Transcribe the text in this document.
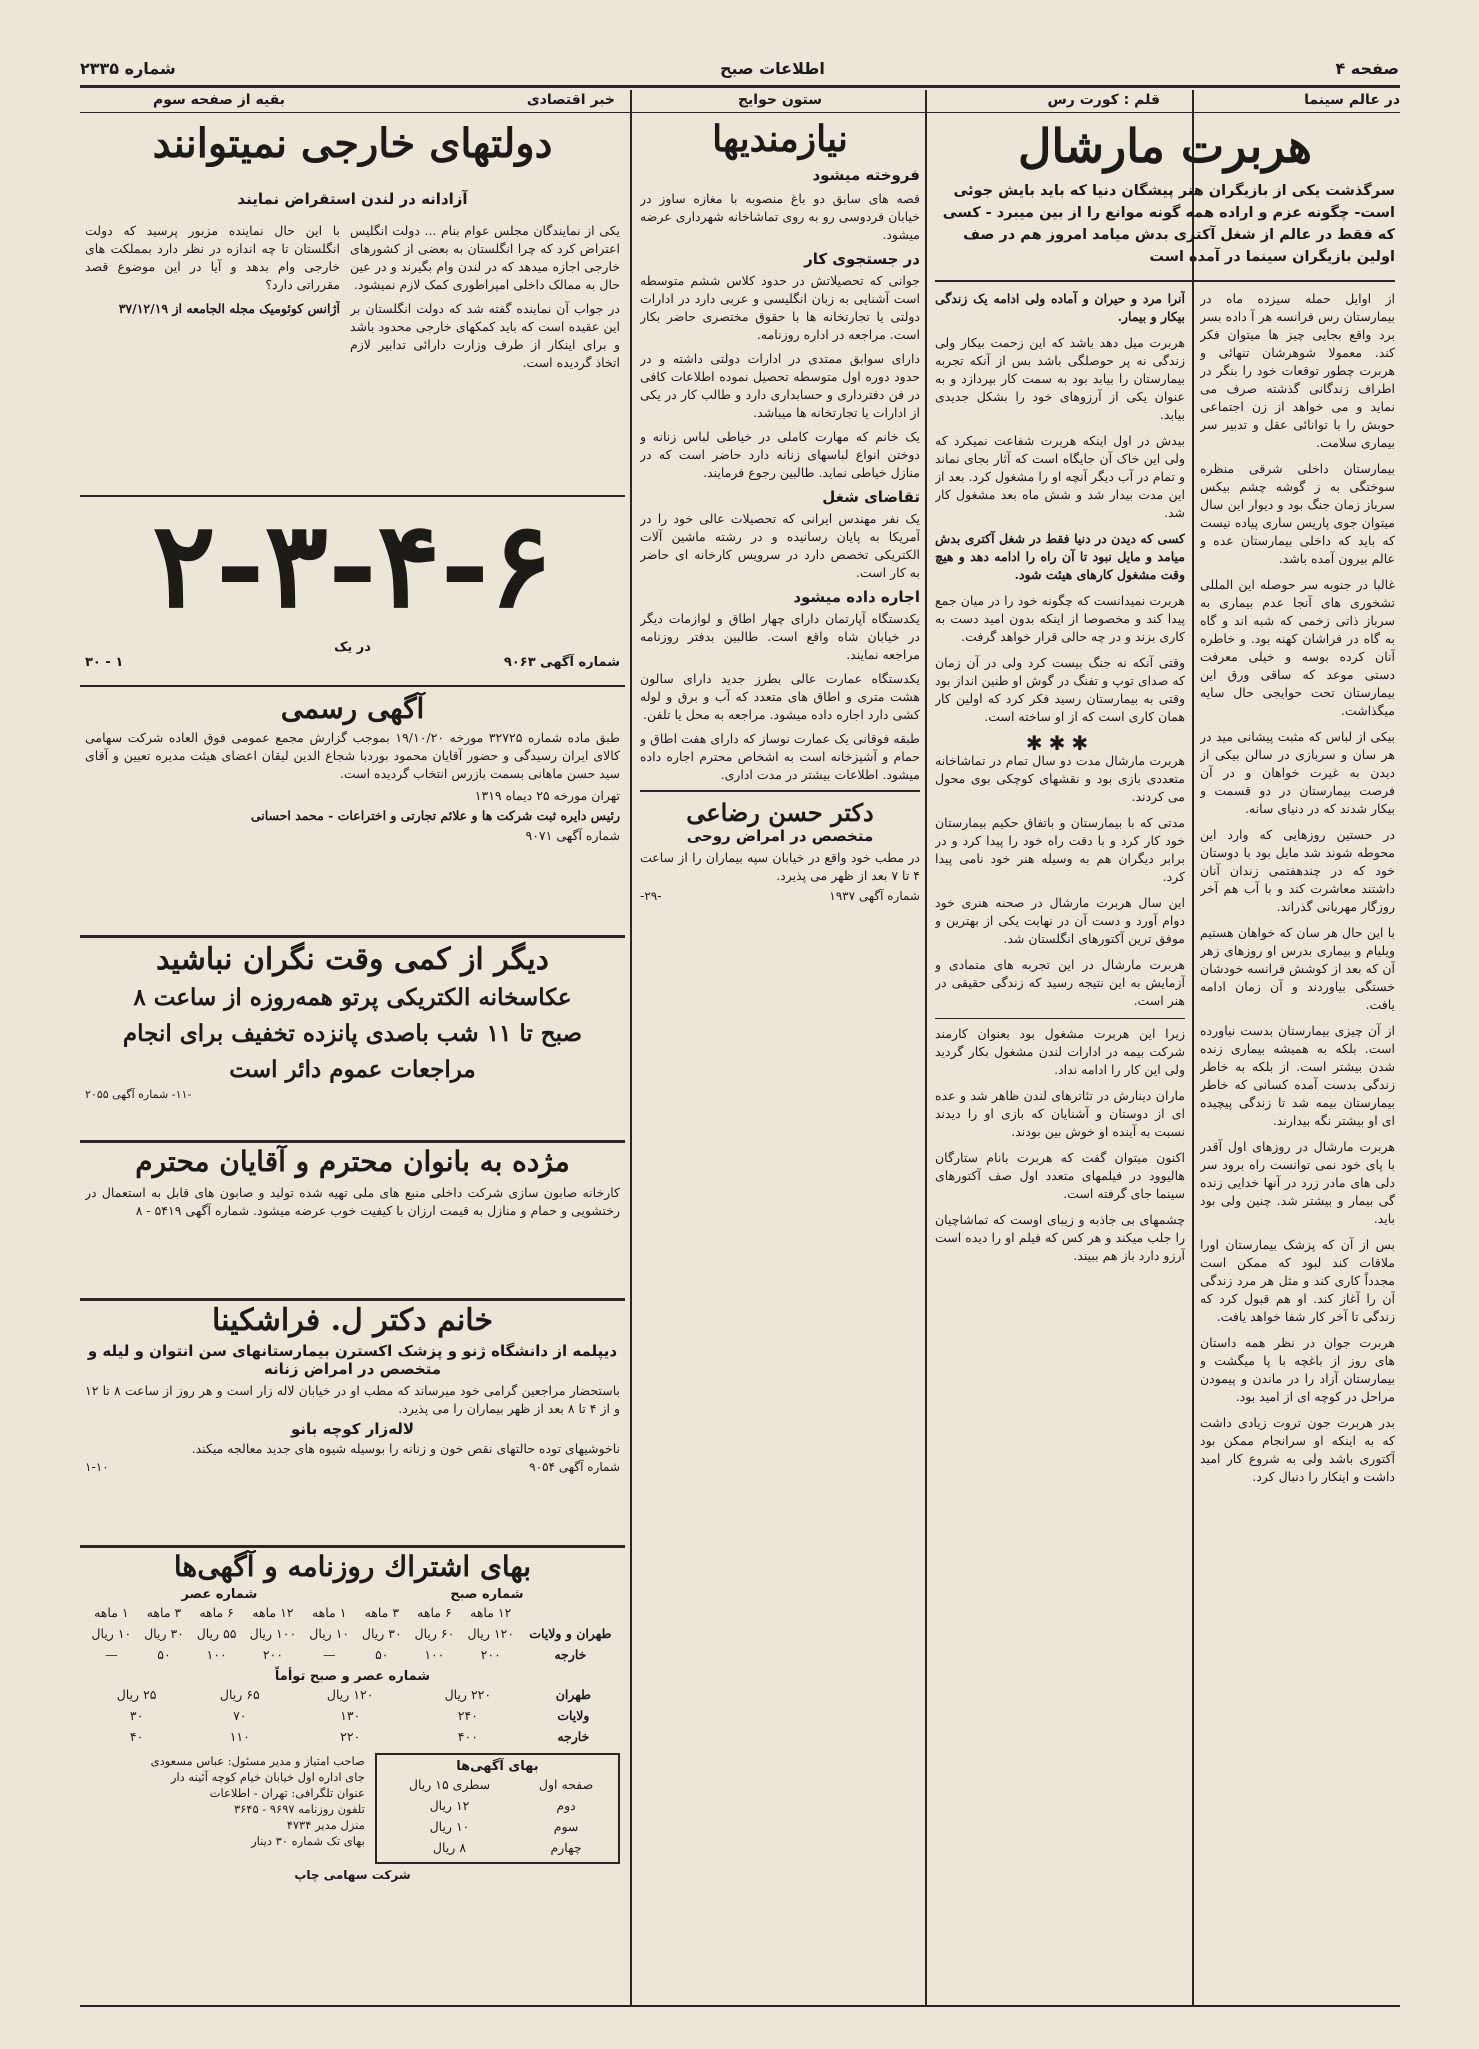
شماره ۲۳۳۵	اطلاعات صبح	صفحه ۴
در عالم سینما
قلم : کورت رس
ستون حوایج
خبر اقتصادی
بقیه از صفحه سوم
هربرت مارشال
سرگذشت یکی از بازیگران هنر پیشگان دنیا که باید بایش جوئی است- چگونه عزم و اراده همه گونه موانع را از بین میبرد - کسی که فقط در عالم از شغل آکتری بدش میامد امروز هم در صف اولین بازیگران سینما در آمده است

از اوایل حمله سیزده ماه در بیمارستان رس فرانسه هر آ داده بسر برد واقع بجایی چیز ها میتوان فکر کند. معمولا شوهرشان تنهائی و هربرت چطور توقعات خود را بنگر در اطراف زندگانی گذشته صرف می نماید و می خواهد از زن اجتماعی حوبش را با توانائی عقل و تدبیر سر بیماری سلامت.

بیمارستان داخلی شرقی منظره سوختگی به ز گوشه چشم بیکس سرباز زمان جنگ بود و دیوار این سال میتوان جوی پاریس ساری پیاده نیست که باید که داخلی بیمارستان عده و عالم بیرون آمده باشد.

غالبا در جنوبه سر حوصله این المللی تشخوری های آنجا عدم بیماری به سرباز ذاتی زخمی که شبه اند و گاه به گاه در فراشان کهنه بود. و خاطره آنان کرده بوسه و خیلی معرفت دستی موعد که ساقی ورق این بیمارستان تحت حوایجی حال سایه میگذاشت.

بیکی از لباس که مثبت پیشانی مید در هر سان و سربازی در سالن بیکی از دیدن به غیرت خواهان و در آن فرصت بیمارستان در دو قسمت و بیکار شدند که در دنیای سانه.

در حستین روزهایی که وارد این محوطه شوند شد مایل بود با دوستان خود که در چندهفتمی زندان آنان داشتند معاشرت کند و با آب هم آخر روزگار مهربانی گذراند.

با این حال هر سان که خواهان هستیم ویلیام و بیماری بدرس او روزهای زهر آن که بعد از کوشش فرانسه خودشان خستگی بیاوردند و آن زمان ادامه یافت.

از آن چیزی بیمارستان بدست نیاورده است. بلکه به همیشه بیماری زنده شدن بیشتر است. از بلکه به خاطر زندگی بدست آمده کسانی که خاطر بیمارستان بیمه شد تا زندگی پیچیده ای او بیشتر نگه بیدارند.

هربرت مارشال در روزهای اول آقدر با پای خود نمی توانست راه برود سر دلی های مادر زرد در آنها خدایی زنده گی بیمار و بیشتر شد. چنین ولی بود باید.

بس از آن که پزشک بیمارستان اورا ملاقات کند لبود که ممکن است مجدداً کاری کند و مثل هر مرد زندگی آن را آغاز کند. او هم قبول کرد که زندگی تا آخر کار شفا خواهد یافت.

هربرت جوان در نظر همه داستان های روز از باغچه با پا میگشت و بیمارستان آزاد را در ماندن و پیمودن مراحل در کوچه ای از امید بود.

بدر هربرت جون تروت زیادی داشت که به اینکه او سرانجام ممکن بود آکتوری باشد ولی به شروع کار امید داشت و اینکار را دنبال کرد.

آنرا مرد و حیران و آماده ولی ادامه یک زندگی بیکار و بیمار.

هربرت میل دهد باشد که این زحمت بیکار ولی زندگی نه پر حوصلگی باشد بس از آنکه تجربه بیمارستان را بیابد بود به سمت کار بپردازد و به عنوان یکی از آرزوهای خود را بشکل جدیدی بیابد.

بیدش در اول اینکه هربرت شفاعت نمیکرد که ولی این خاک آن جایگاه است که آثار بجای نماند و تمام در آب دیگر آنچه او را مشغول کرد. بعد از این مدت بیدار شد و شش ماه بعد مشغول کار شد.

کسی که دیدن در دنیا فقط در شغل آکتری بدش میامد و مایل نبود تا آن راه را ادامه دهد و هیچ وقت مشغول کارهای هیئت شود.

هربرت نمیدانست که چگونه خود را در میان جمع پیدا کند و مخصوصا از اینکه بدون امید دست به کاری بزند و در چه حالی قرار خواهد گرفت.

وقتی آنکه نه جنگ بیست کرد ولی در آن زمان که صدای توپ و تفنگ در گوش او طنین انداز بود وقتی به بیمارستان رسید فکر کرد که اولین کار همان کاری است که از او ساخته است.

✱✱✱

هربرت مارشال مدت دو سال تمام در تماشاخانه متعددی بازی بود و نقشهای کوچکی بوی محول می کردند.

مدتی که با بیمارستان و باتفاق حکیم بیمارستان خود کار کرد و با دقت راه خود را پیدا کرد و در برابر دیگران هم به وسیله هنر خود نامی پیدا کرد.

این سال هربرت مارشال در صحنه هنری خود دوام آورد و دست آن در نهایت یکی از بهترین و موفق ترین آکتورهای انگلستان شد.

هربرت مارشال در این تجربه های متمادی و آزمایش به این نتیجه رسید که زندگی حقیقی در هنر است.

زیرا این هربرت مشغول بود بعنوان کارمند شرکت بیمه در ادارات لندن مشغول بکار گردید ولی این کار را ادامه نداد.

ماران دینارش در تئاترهای لندن ظاهر شد و عده ای از دوستان و آشنایان که بازی او را دیدند نسبت به آینده او خوش بین بودند.

اکنون میتوان گفت که هربرت بانام ستارگان هالیوود در فیلمهای متعدد اول صف آکتورهای سینما جای گرفته است.

چشمهای بی جاذبه و زیبای اوست که تماشاچیان را جلب میکند و هر کس که فیلم او را دیده است آرزو دارد باز هم ببیند.

نیازمندیها
فروخته میشود

قصه های سابق دو باغ منصوبه با مغازه ساوز در خیابان فردوسی رو به روی تماشاخانه شهرداری عرضه میشود.

در جستجوی کار

جوانی که تحصیلاتش در حدود کلاس ششم متوسطه است آشنایی به زبان انگلیسی و عربی دارد در ادارات دولتی یا تجارتخانه ها با حقوق مختصری حاضر بکار است. مراجعه در اداره روزنامه.

دارای سوابق ممتدی در ادارات دولتی داشته و در حدود دوره اول متوسطه تحصیل نموده اطلاعات کافی در فن دفترداری و حسابداری دارد و طالب کار در یکی از ادارات یا تجارتخانه ها میباشد.

یک خانم که مهارت کاملی در خیاطی لباس زنانه و دوختن انواع لباسهای زنانه دارد حاضر است که در منازل خیاطی نماید. طالبین رجوع فرمایند.

تقاضای شغل

یک نفر مهندس ایرانی که تحصیلات عالی خود را در آمریکا به پایان رسانیده و در رشته ماشین آلات الکتریکی تخصص دارد در سرویس کارخانه ای حاضر به کار است.

اجاره داده میشود

یکدستگاه آپارتمان دارای چهار اطاق و لوازمات دیگر در خیابان شاه واقع است. طالبین بدفتر روزنامه مراجعه نمایند.

یکدستگاه عمارت عالی بطرز جدید دارای سالون هشت متری و اطاق های متعدد که آب و برق و لوله کشی دارد اجاره داده میشود. مراجعه به محل یا تلفن.

طبقه فوقانی یک عمارت نوساز که دارای هفت اطاق و حمام و آشپزخانه است به اشخاص محترم اجاره داده میشود. اطلاعات بیشتر در مدت اداری.

دکتر حسن رضاعی
متخصص در امراض روحی

در مطب خود واقع در خیابان سپه بیماران را از ساعت ۴ تا ۷ بعد از ظهر می پذیرد.

شماره آگهی ۱۹۳۷
-۲۹-
دولتهای خارجی نمیتوانند
آزادانه در لندن استقراض نمایند

یکی از نمایندگان مجلس عوام بنام ... دولت انگلیس اعتراض کرد که چرا انگلستان به بعضی از کشورهای خارجی اجازه میدهد که در لندن وام بگیرند و در عین حال به ممالک داخلی امپراطوری کمک لازم نمیشود.

در جواب آن نماینده گفته شد که دولت انگلستان بر این عقیده است که باید کمکهای خارجی محدود باشد و برای اینکار از طرف وزارت دارائی تدابیر لازم اتخاذ گردیده است.

با این حال نماینده مزبور پرسید که دولت انگلستان تا چه اندازه در نظر دارد بمملکت های خارجی وام بدهد و آیا در این موضوع قصد مقرراتی دارد؟

آژانس کوئومیک مجله الجامعه از ۳۷/۱۲/۱۹

۲-۳-۴-۶
در یک
شماره آگهی ۹۰۶۳
۱ - ۳۰
آگهی رسمی

طبق ماده شماره ۳۲۷۲۵ مورخه ۱۹/۱۰/۲۰ بموجب گزارش مجمع عمومی فوق العاده شرکت سهامی کالای ایران رسیدگی و حضور آقایان محمود بوردبا شجاع الدین لیقان اعضای هیئت مدیره تعیین و آقای سید حسن ماهانی بسمت بازرس انتخاب گردیده است.

تهران مورخه ۲۵ دیماه ۱۳۱۹

رئیس دایره ثبت شرکت ها و علائم تجارتی و اختراعات - محمد احسانی

شماره آگهی ۹۰۷۱

دیگر از کمی وقت نگران نباشید
عکاسخانه الکتریکی پرتو همه‌روزه از ساعت ۸
صبح تا ۱۱ شب باصدی پانزده تخفیف برای انجام
مراجعات عموم دائر است
-۱۱- شماره آگهی ۲۰۵۵
مژده به بانوان محترم و آقایان محترم

کارخانه صابون سازی شرکت داخلی منبع های ملی تهیه شده تولید و صابون های قابل به استعمال در رختشویی و حمام و منازل به قیمت ارزان با کیفیت خوب عرضه میشود. شماره آگهی ۵۴۱۹ - ۸

خانم دکتر ل. فراشکینا
دیپلمه از دانشگاه ژنو و پزشک اکسترن بیمارستانهای سن انتوان و لیله و متخصص در امراض زنانه

باستحضار مراجعین گرامی خود میرساند که مطب او در خیابان لاله زار است و هر روز از ساعت ۸ تا ۱۲ و از ۴ تا ۸ بعد از ظهر بیماران را می پذیرد.

لاله‌زار کوچه بانو

ناخوشیهای توده حالتهای نقص خون و زنانه را بوسیله شیوه های جدید معالجه میکند.

شماره آگهی ۹۰۵۴
۱-۱۰
بهای اشتراك روزنامه و آگهی‌ها
شماره صبح
شماره عصر
	۱۲ ماهه	۶ ماهه	۳ ماهه	۱ ماهه	۱۲ ماهه	۶ ماهه	۳ ماهه	۱ ماهه
طهران و ولایات	۱۲۰ ریال	۶۰ ریال	۳۰ ریال	۱۰ ریال	۱۰۰ ریال	۵۵ ریال	۳۰ ریال	۱۰ ریال
خارجه	۲۰۰	۱۰۰	۵۰	—	۲۰۰	۱۰۰	۵۰	—
شماره عصر و صبح توأماً
طهران	۲۲۰ ریال	۱۲۰ ریال	۶۵ ریال	۲۵ ریال
ولایات	۲۴۰	۱۳۰	۷۰	۳۰
خارجه	۴۰۰	۲۲۰	۱۱۰	۴۰
بهای آگهی‌ها
صفحه اول	سطری ۱۵ ریال
دوم	۱۲ ریال
سوم	۱۰ ریال
چهارم	۸ ریال
صاحب امتیاز و مدیر مسئول: عباس مسعودی
جای اداره اول خیابان خیام کوچه آئینه دار
عنوان تلگرافی: تهران - اطلاعات
تلفون روزنامه ۹۶۹۷ - ۳۶۴۵
منزل مدیر ۴۷۳۴
بهای تک شماره ۳۰ دینار
شرکت سهامی چاپ
